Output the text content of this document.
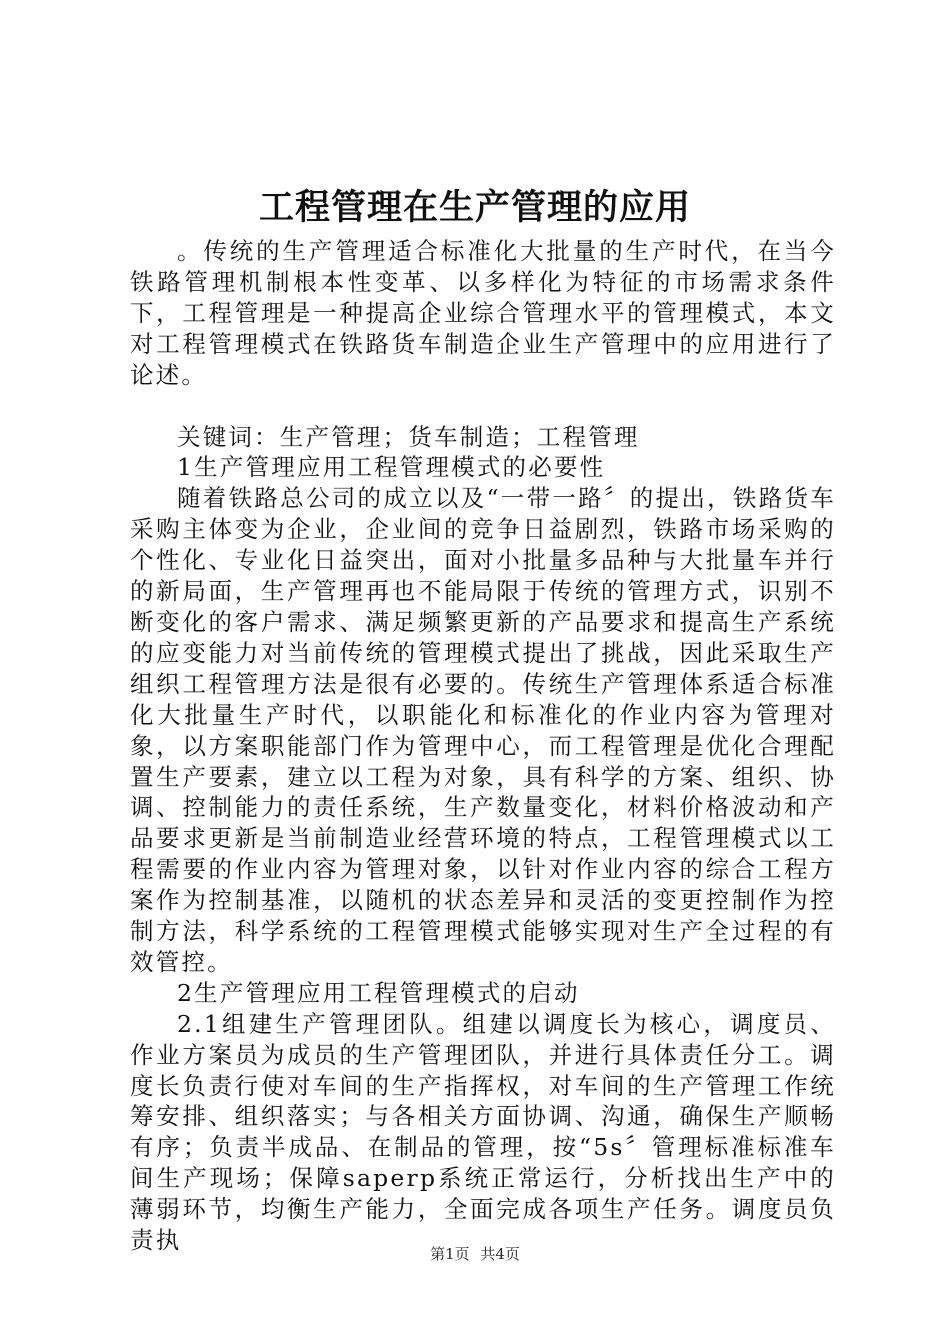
工程管理在生产管理的应用

。传统的生产管理适合标准化大批量的生产时代，在当今铁路管理机制根本性变革、以多样化为特征的市场需求条件下，工程管理是一种提高企业综合管理水平的管理模式，本文对工程管理模式在铁路货车制造企业生产管理中的应用进行了论述。

关键词：生产管理；货车制造；工程管理

1生产管理应用工程管理模式的必要性

随着铁路总公司的成立以及“一带一路〞的提出，铁路货车采购主体变为企业，企业间的竞争日益剧烈，铁路市场采购的个性化、专业化日益突出，面对小批量多品种与大批量车并行的新局面，生产管理再也不能局限于传统的管理方式，识别不断变化的客户需求、满足频繁更新的产品要求和提高生产系统的应变能力对当前传统的管理模式提出了挑战，因此采取生产组织工程管理方法是很有必要的。传统生产管理体系适合标准化大批量生产时代，以职能化和标准化的作业内容为管理对象，以方案职能部门作为管理中心，而工程管理是优化合理配置生产要素，建立以工程为对象，具有科学的方案、组织、协调、控制能力的责任系统，生产数量变化，材料价格波动和产品要求更新是当前制造业经营环境的特点，工程管理模式以工程需要的作业内容为管理对象，以针对作业内容的综合工程方案作为控制基准，以随机的状态差异和灵活的变更控制作为控制方法，科学系统的工程管理模式能够实现对生产全过程的有效管控。

2生产管理应用工程管理模式的启动

2.1组建生产管理团队。组建以调度长为核心，调度员、作业方案员为成员的生产管理团队，并进行具体责任分工。调度长负责行使对车间的生产指挥权，对车间的生产管理工作统筹安排、组织落实；与各相关方面协调、沟通，确保生产顺畅有序；负责半成品、在制品的管理，按“5s〞管理标准标准车间生产现场；保障saperp系统正常运行，分析找出生产中的薄弱环节，均衡生产能力，全面完成各项生产任务。调度员负责执	第1页 共4页
